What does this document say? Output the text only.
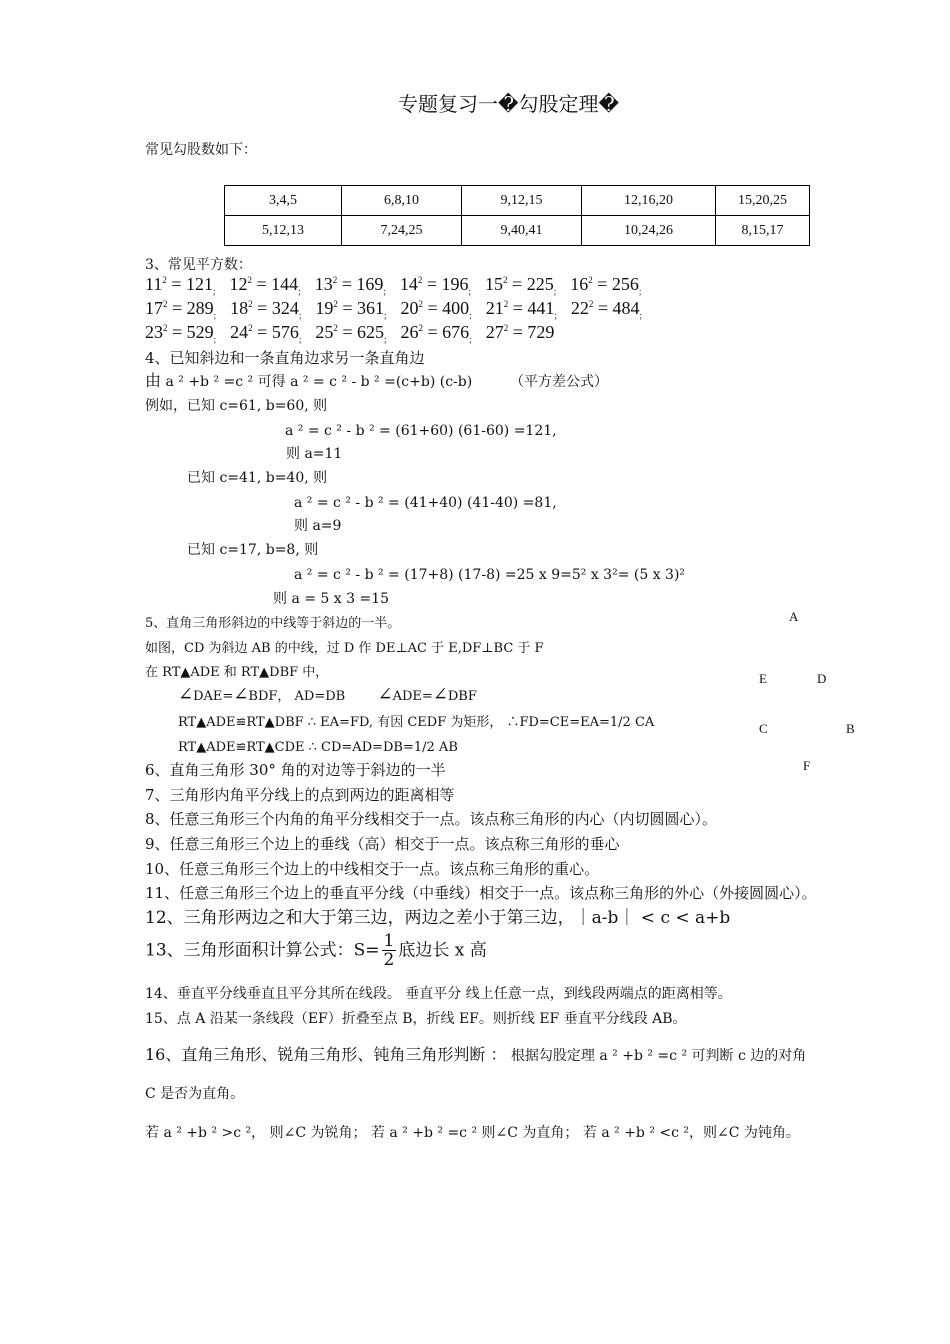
专题复习一�勾股定理�
常见勾股数如下：
3,4,5	6,8,10	9,12,15	12,16,20	15,20,25
5,12,13	7,24,25	9,40,41	10,24,26	8,15,17
3、常见平方数：
$11^2 = 121_;$ $12^2 = 144_;$ $13^2 = 169_;$ $14^2 = 196_;$ $15^2 = 225_;$ $16^2 = 256_;$
$17^2 = 289_;$ $18^2 = 324_;$ $19^2 = 361_;$ $20^2 = 400_;$ $21^2 = 441_;$ $22^2 = 484_;$
$23^2 = 529_;$ $24^2 = 576_;$ $25^2 = 625_;$ $26^2 = 676_;$ $27^2 = 729$
4、已知斜边和一条直角边求另一条直角边
由 a ² +b ² =c ² 可得 a ² = c ² - b ² =(c+b) (c-b)	（平方差公式）
例如，已知 c=61, b=60, 则
a ² = c ² - b ² = (61+60) (61-60) =121,
则 a=11
已知 c=41, b=40, 则
a ² = c ² - b ² = (41+40) (41-40) =81,
则 a=9
已知 c=17, b=8, 则
a ² = c ² - b ² = (17+8) (17-8) =25 x 9=5² x 3²= (5 x 3)²
则 a = 5 x 3 =15
5、直角三角形斜边的中线等于斜边的一半。
如图，CD 为斜边 AB 的中线，过 D 作 DE⊥AC 于 E,DF⊥BC 于 F
在 RT▲ADE 和 RT▲DBF 中，
∠DAE=∠BDF， AD=DB ∠ADE=∠DBF
RT▲ADE≌RT▲DBF ∴ EA=FD, 有因 CEDF 为矩形， ∴FD=CE=EA=1/2 CA
RT▲ADE≌RT▲CDE ∴ CD=AD=DB=1/2 AB
A
E	D
C	B
F
6、直角三角形 30° 角的对边等于斜边的一半
7、三角形内角平分线上的点到两边的距离相等
8、任意三角形三个内角的角平分线相交于一点。该点称三角形的内心（内切圆圆心）。
9、任意三角形三个边上的垂线（高）相交于一点。该点称三角形的垂心
10、任意三角形三个边上的中线相交于一点。该点称三角形的重心。
11、任意三角形三个边上的垂直平分线（中垂线）相交于一点。该点称三角形的外心（外接圆圆心）。
12、三角形两边之和大于第三边，两边之差小于第三边，｜a-b｜ < c < a+b
13、三角形面积计算公式：$S= \frac{1}{2}$ 底边长 x 高
14、垂直平分线垂直且平分其所在线段。 垂直平分 线上任意一点，到线段两端点的距离相等。
15、点 A 沿某一条线段（EF）折叠至点 B，折线 EF。则折线 EF 垂直平分线段 AB。
16、直角三角形、锐角三角形、钝角三角形判断 ： 根据勾股定理 a ² +b ² =c ² 可判断 c 边的对角
C 是否为直角。
若 a ² +b ² >c ²， 则∠C 为锐角； 若 a ² +b ² =c ² 则∠C 为直角； 若 a ² +b ² <c ²，则∠C 为钝角。
